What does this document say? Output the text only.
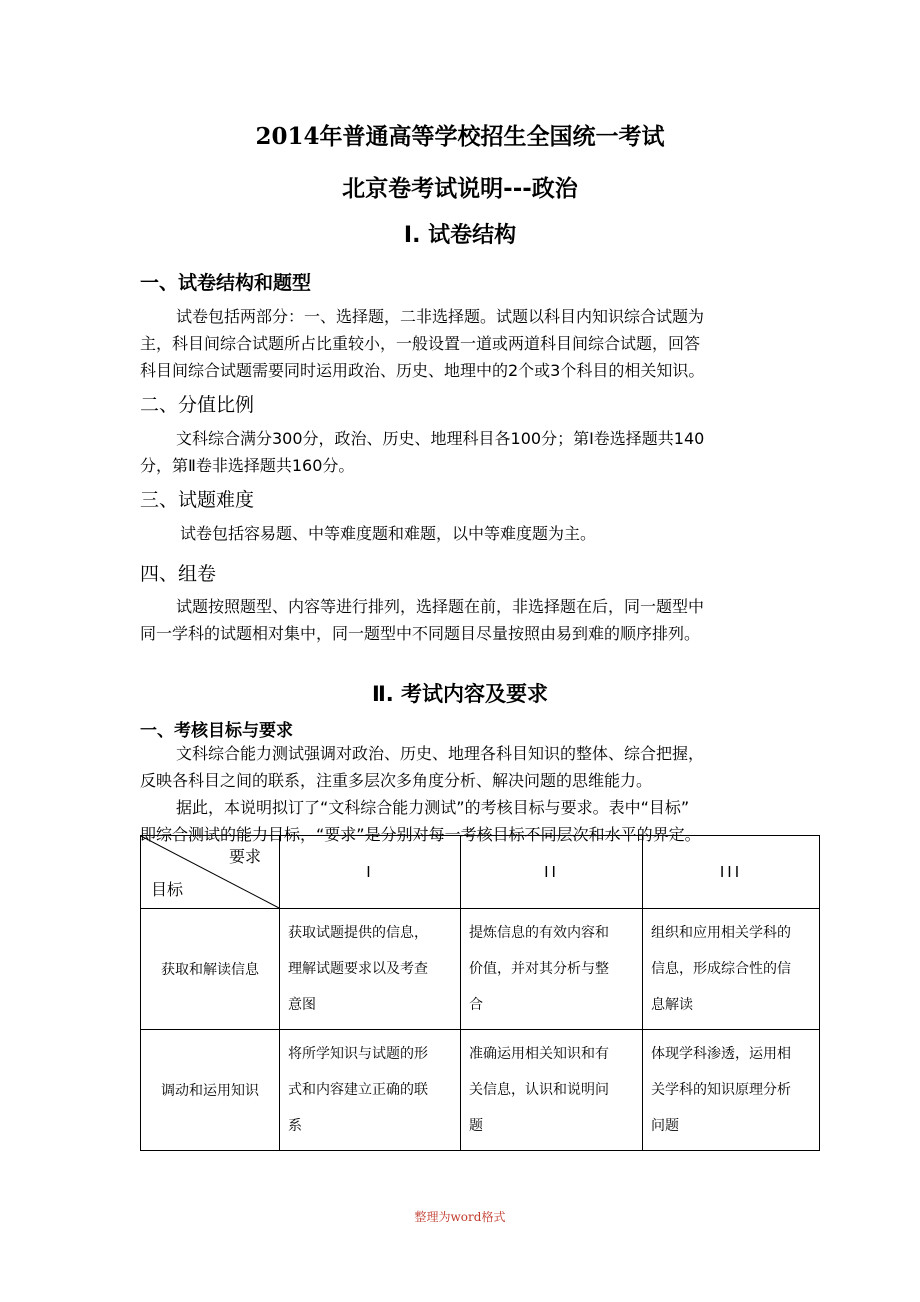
2014年普通高等学校招生全国统一考试
北京卷考试说明---政治
Ⅰ. 试卷结构
一、试卷结构和题型
试卷包括两部分：一、选择题，二非选择题。试题以科目内知识综合试题为
主，科目间综合试题所占比重较小，一般设置一道或两道科目间综合试题，回答
科目间综合试题需要同时运用政治、历史、地理中的2个或3个科目的相关知识。
二、分值比例
文科综合满分300分，政治、历史、地理科目各100分；第Ⅰ卷选择题共140
分，第Ⅱ卷非选择题共160分。
三、试题难度
试卷包括容易题、中等难度题和难题，以中等难度题为主。
四、组卷
试题按照题型、内容等进行排列，选择题在前，非选择题在后，同一题型中
同一学科的试题相对集中，同一题型中不同题目尽量按照由易到难的顺序排列。
Ⅱ. 考试内容及要求
一、考核目标与要求
文科综合能力测试强调对政治、历史、地理各科目知识的整体、综合把握，
反映各科目之间的联系，注重多层次多角度分析、解决问题的思维能力。
据此，本说明拟订了“文科综合能力测试”的考核目标与要求。表中“目标”
即综合测试的能力目标，“要求”是分别对每一考核目标不同层次和水平的界定。
要求
目标	I	II	III
获取和解读信息	获取试题提供的信息，
理解试题要求以及考查
意图	提炼信息的有效内容和
价值，并对其分析与整
合	组织和应用相关学科的
信息，形成综合性的信
息解读

调动和运用知识	将所学知识与试题的形
式和内容建立正确的联
系	准确运用相关知识和有
关信息，认识和说明问
题	体现学科渗透，运用相
关学科的知识原理分析
问题
整理为word格式
